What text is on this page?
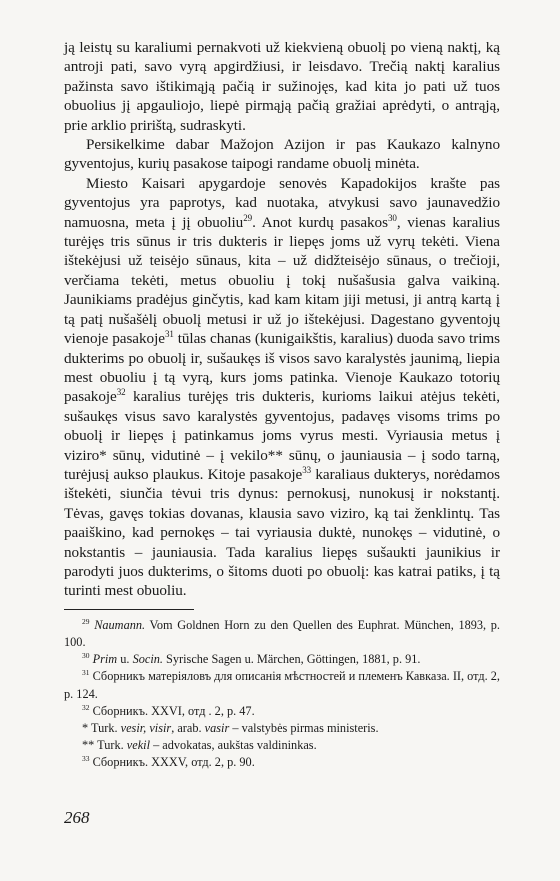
ją leistų su karaliumi pernakvoti už kiekvieną obuolį po vieną naktį, ką antroji pati, savo vyrą apgirdžiusi, ir leisdavo. Trečią naktį karalius pažinsta savo ištikimąją pačią ir sužinojęs, kad kita jo pati už tuos obuolius jį apgauliojo, liepė pirmąją pačią gražiai aprėdyti, o antrąją, prie arklio pririštą, sudraskyti.

Persikelkime dabar Mažojon Azijon ir pas Kaukazo kalnyno gyventojus, kurių pasakose taipogi randame obuolį minėta.

Miesto Kaisari apygardoje senovės Kapadokijos krašte pas gyventojus yra paprotys, kad nuotaka, atvykusi savo jaunavedžio namuosna, meta į jį obuoliu$^{29}$. Anot kurdų pasakos$^{30}$, vienas karalius turėjęs tris sūnus ir tris dukteris ir liepęs joms už vyrų tekėti. Viena ištekėjusi už teisėjo sūnaus, kita – už didžteisėjo sūnaus, o trečioji, verčiama tekėti, metus obuoliu į tokį nušašusia galva vaikiną. Jaunikiams pradėjus ginčytis, kad kam kitam jiji metusi, ji antrą kartą į tą patį nušašėlį obuolį metusi ir už jo ištekėjusi. Dagestano gyventojų vienoje pasakoje$^{31}$ tūlas chanas (kunigaikštis, karalius) duoda savo trims dukterims po obuolį ir, sušaukęs iš visos savo karalystės jaunimą, liepia mest obuoliu į tą vyrą, kurs joms patinka. Vienoje Kaukazo totorių pasakoje$^{32}$ karalius turėjęs tris dukteris, kurioms laikui atėjus tekėti, sušaukęs visus savo karalystės gyventojus, padavęs visoms trims po obuolį ir liepęs į patinkamus joms vyrus mesti. Vyriausia metus į viziro* sūnų, vidutinė – į vekilo** sūnų, o jauniausia – į sodo tarną, turėjusį aukso plaukus. Kitoje pasakoje$^{33}$ karaliaus dukterys, norėdamos ištekėti, siunčia tėvui tris dynus: pernokusį, nunokusį ir nokstantį. Tėvas, gavęs tokias dovanas, klausia savo viziro, ką tai ženklintų. Tas paaiškino, kad pernokęs – tai vyriausia duktė, nunokęs – vidutinė, o nokstantis – jauniausia. Tada karalius liepęs sušaukti jaunikius ir parodyti juos dukterims, o šitoms duoti po obuolį: kas katrai patiks, į tą turinti mest obuoliu.

$^{29}$ Naumann. Vom Goldnen Horn zu den Quellen des Euphrat. München, 1893, p. 100.

$^{30}$ Prim u. Socin. Syrische Sagen u. Märchen, Göttingen, 1881, p. 91.

$^{31}$ Сборникъ матеріяловъ для описанія мѣстностей и племенъ Кавказа. II, отд. 2, р. 124.

$^{32}$ Сборникъ. XXVI, отд . 2, p. 47.

* Turk. vesir, visir, arab. vasir – valstybės pirmas ministeris.

** Turk. vekil – advokatas, aukštas valdininkas.

$^{33}$ Сборникъ. XXXV, отд. 2, p. 90.

268
